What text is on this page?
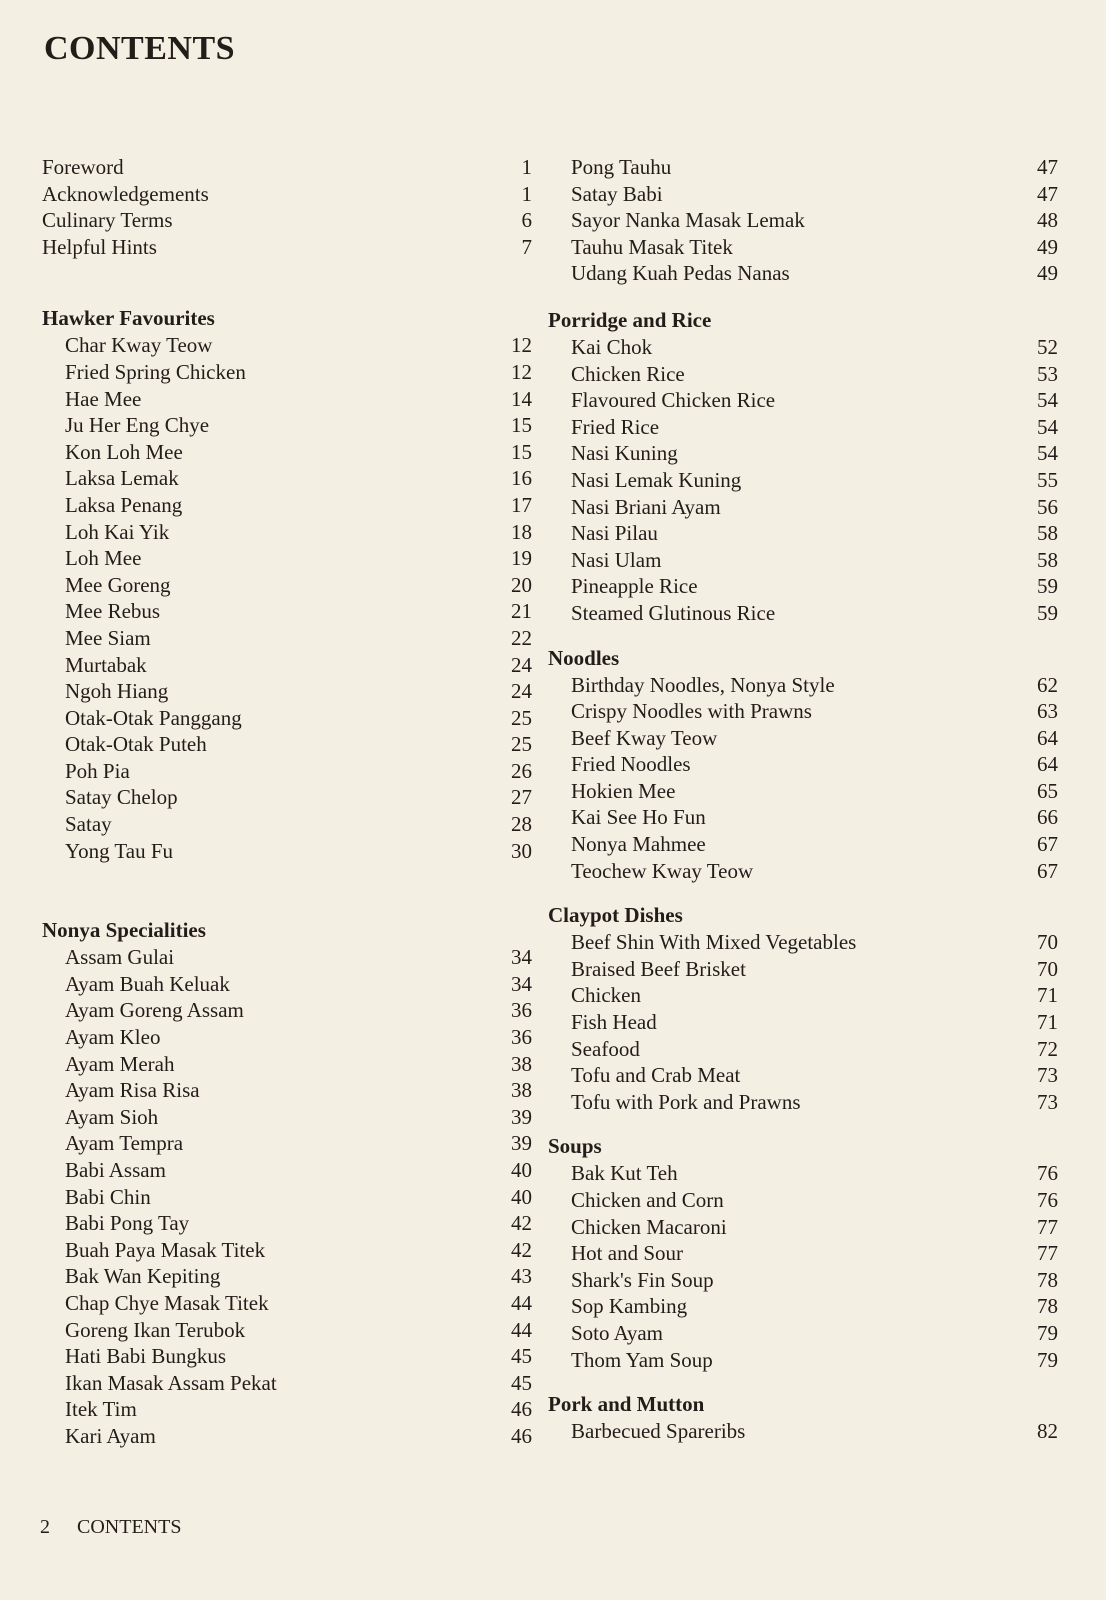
CONTENTS
Foreword	1
Acknowledgements	1
Culinary Terms	6
Helpful Hints	7
Hawker Favourites
Char Kway Teow	12
Fried Spring Chicken	12
Hae Mee	14
Ju Her Eng Chye	15
Kon Loh Mee	15
Laksa Lemak	16
Laksa Penang	17
Loh Kai Yik	18
Loh Mee	19
Mee Goreng	20
Mee Rebus	21
Mee Siam	22
Murtabak	24
Ngoh Hiang	24
Otak-Otak Panggang	25
Otak-Otak Puteh	25
Poh Pia	26
Satay Chelop	27
Satay	28
Yong Tau Fu	30
Nonya Specialities
Assam Gulai	34
Ayam Buah Keluak	34
Ayam Goreng Assam	36
Ayam Kleo	36
Ayam Merah	38
Ayam Risa Risa	38
Ayam Sioh	39
Ayam Tempra	39
Babi Assam	40
Babi Chin	40
Babi Pong Tay	42
Buah Paya Masak Titek	42
Bak Wan Kepiting	43
Chap Chye Masak Titek	44
Goreng Ikan Terubok	44
Hati Babi Bungkus	45
Ikan Masak Assam Pekat	45
Itek Tim	46
Kari Ayam	46
Pong Tauhu	47
Satay Babi	47
Sayor Nanka Masak Lemak	48
Tauhu Masak Titek	49
Udang Kuah Pedas Nanas	49
Porridge and Rice
Kai Chok	52
Chicken Rice	53
Flavoured Chicken Rice	54
Fried Rice	54
Nasi Kuning	54
Nasi Lemak Kuning	55
Nasi Briani Ayam	56
Nasi Pilau	58
Nasi Ulam	58
Pineapple Rice	59
Steamed Glutinous Rice	59
Noodles
Birthday Noodles, Nonya Style	62
Crispy Noodles with Prawns	63
Beef Kway Teow	64
Fried Noodles	64
Hokien Mee	65
Kai See Ho Fun	66
Nonya Mahmee	67
Teochew Kway Teow	67
Claypot Dishes
Beef Shin With Mixed Vegetables	70
Braised Beef Brisket	70
Chicken	71
Fish Head	71
Seafood	72
Tofu and Crab Meat	73
Tofu with Pork and Prawns	73
Soups
Bak Kut Teh	76
Chicken and Corn	76
Chicken Macaroni	77
Hot and Sour	77
Shark's Fin Soup	78
Sop Kambing	78
Soto Ayam	79
Thom Yam Soup	79
Pork and Mutton
Barbecued Spareribs	82
2 CONTENTS
